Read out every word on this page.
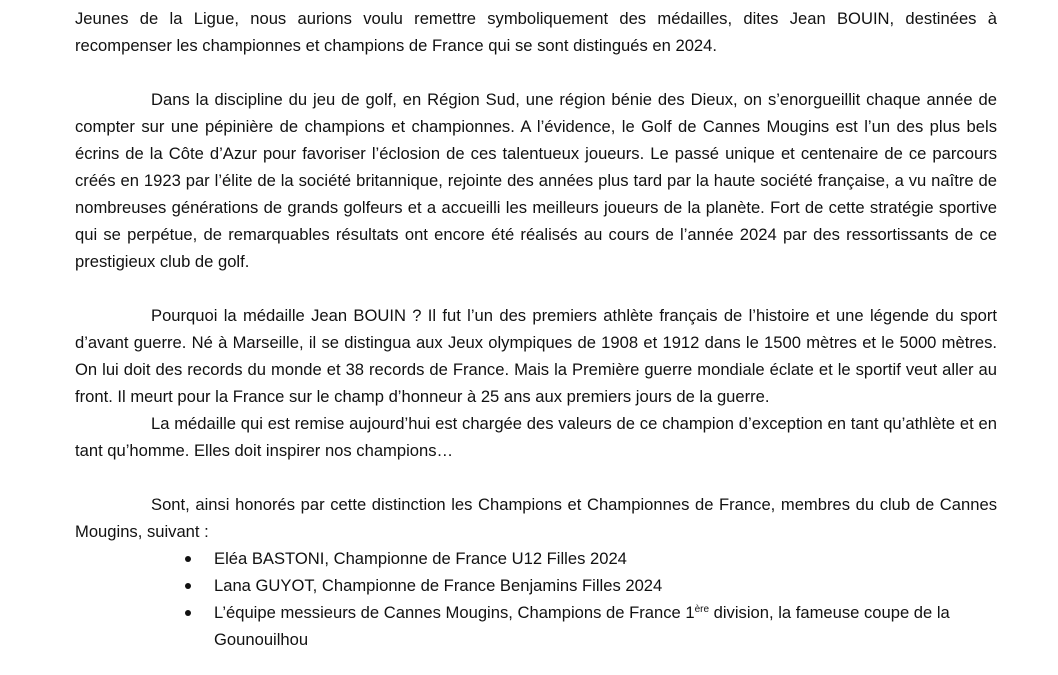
Jeunes de la Ligue, nous aurions voulu remettre symboliquement des médailles, dites Jean BOUIN, destinées à recompenser les championnes et champions de France qui se sont distingués en 2024.

Dans la discipline du jeu de golf, en Région Sud, une région bénie des Dieux, on s’enorgueillit chaque année de compter sur une pépinière de champions et championnes. A l’évidence, le Golf de Cannes Mougins est l’un des plus bels écrins de la Côte d’Azur pour favoriser l’éclosion de ces talentueux joueurs. Le passé unique et centenaire de ce parcours créés en 1923 par l’élite de la société britannique, rejointe des années plus tard par la haute société française, a vu naître de nombreuses générations de grands golfeurs et a accueilli les meilleurs joueurs de la planète. Fort de cette stratégie sportive qui se perpétue, de remarquables résultats ont encore été réalisés au cours de l’année 2024 par des ressortissants de ce prestigieux club de golf.

Pourquoi la médaille Jean BOUIN ? Il fut l’un des premiers athlète français de l’histoire et une légende du sport d’avant guerre. Né à Marseille, il se distingua aux Jeux olympiques de 1908 et 1912 dans le 1500 mètres et le 5000 mètres. On lui doit des records du monde et 38 records de France. Mais la Première guerre mondiale éclate et le sportif veut aller au front. Il meurt pour la France sur le champ d’honneur à 25 ans aux premiers jours de la guerre.

La médaille qui est remise aujourd’hui est chargée des valeurs de ce champion d’exception en tant qu’athlète et en tant qu’homme. Elles doit inspirer nos champions…

Sont, ainsi honorés par cette distinction les Champions et Championnes de France, membres du club de Cannes Mougins, suivant :

Eléa BASTONI, Championne de France U12 Filles 2024
Lana GUYOT, Championne de France Benjamins Filles 2024
L’équipe messieurs de Cannes Mougins, Champions de France 1ère division, la fameuse coupe de la Gounouilhou
